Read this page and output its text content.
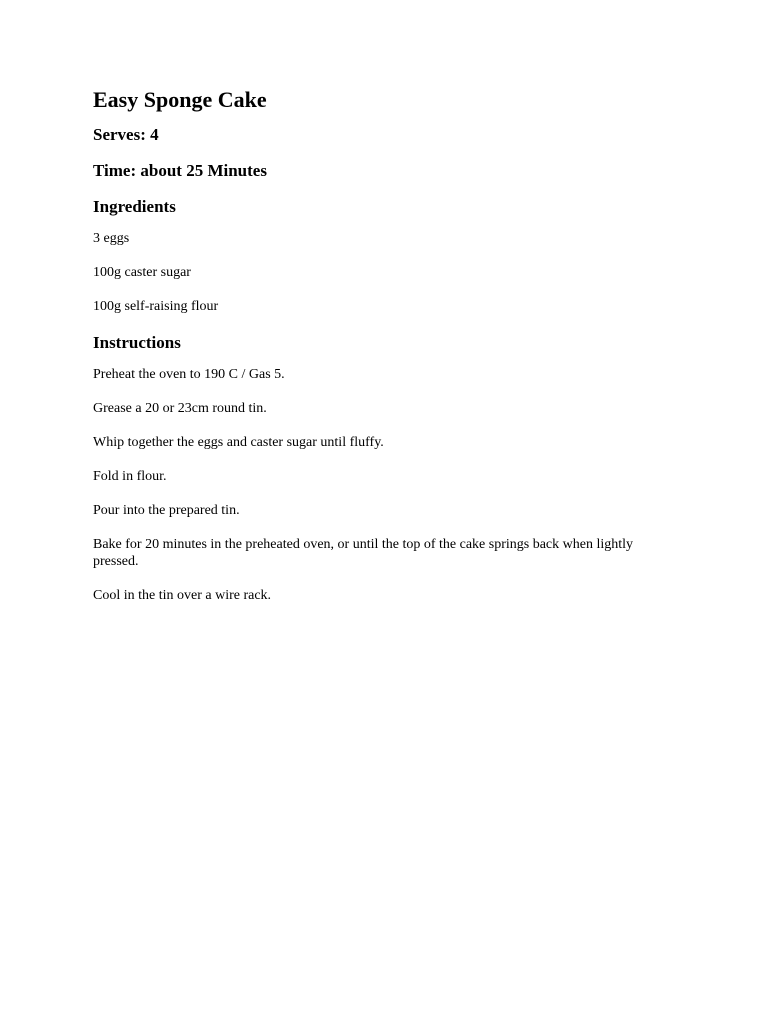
Easy Sponge Cake
Serves: 4
Time: about 25 Minutes
Ingredients
3 eggs
100g caster sugar
100g self-raising flour
Instructions
Preheat the oven to 190 C / Gas 5.
Grease a 20 or 23cm round tin.
Whip together the eggs and caster sugar until fluffy.
Fold in flour.
Pour into the prepared tin.
Bake for 20 minutes in the preheated oven, or until the top of the cake springs back when lightly pressed.
Cool in the tin over a wire rack.
